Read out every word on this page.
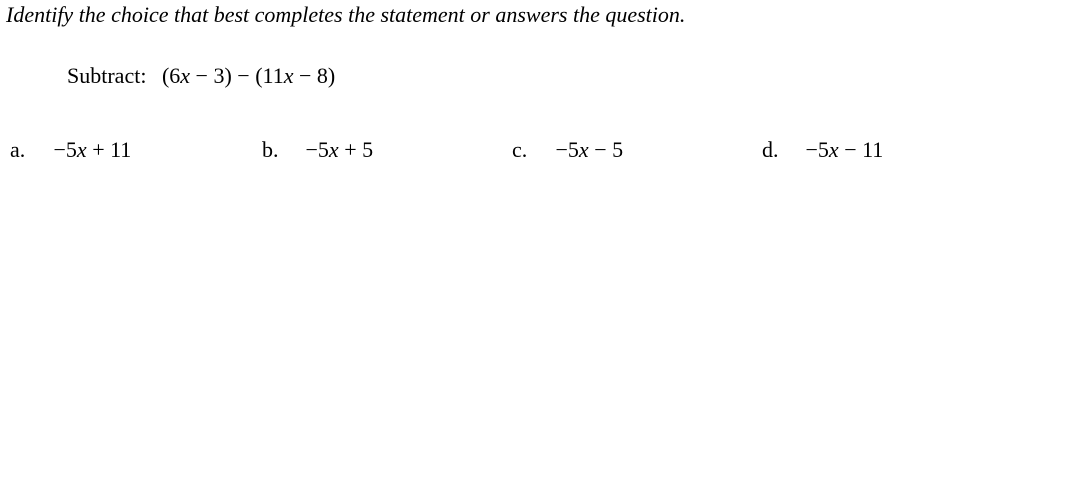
Identify the choice that best completes the statement or answers the question.
Subtract: (6x − 3) − (11x − 8)
a. −5x + 11	b. −5x + 5	c. −5x − 5	d. −5x − 11
